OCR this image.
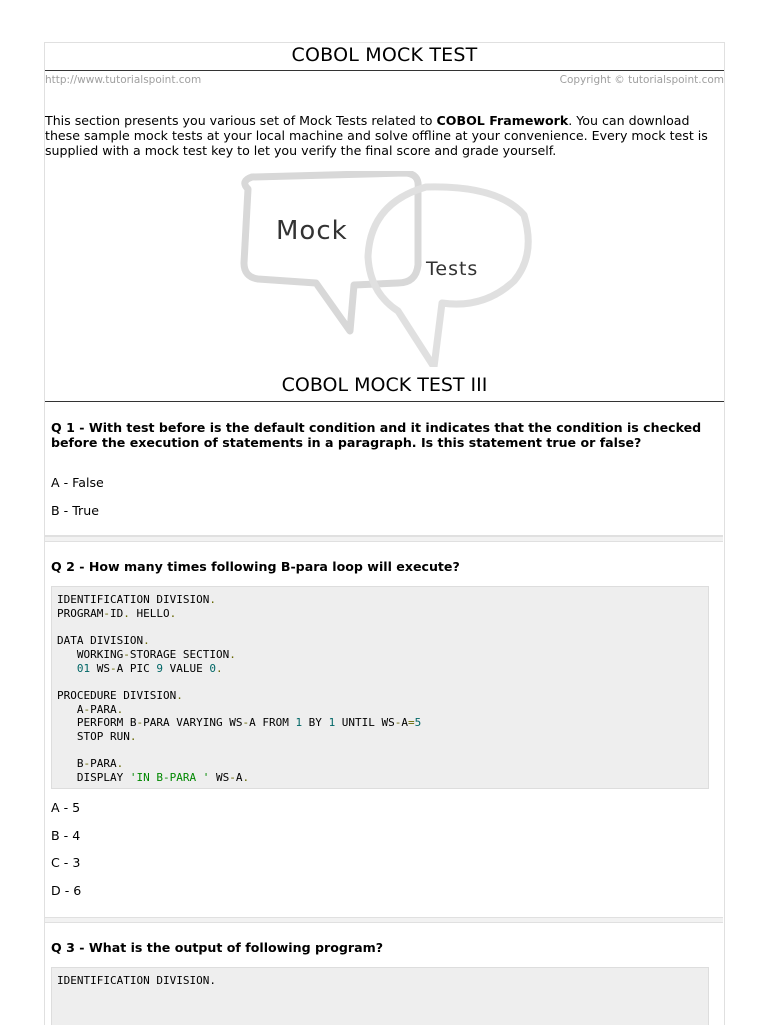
COBOL MOCK TEST
http://www.tutorialspoint.com	Copyright © tutorialspoint.com

This section presents you various set of Mock Tests related to COBOL Framework. You can download these sample mock tests at your local machine and solve offline at your convenience. Every mock test is supplied with a mock test key to let you verify the final score and grade yourself.

Mock
Tests
COBOL MOCK TEST III

Q 1 - With test before is the default condition and it indicates that the condition is checked before the execution of statements in a paragraph. Is this statement true or false?

A - False
B - True

Q 2 - How many times following B-para loop will execute?

IDENTIFICATION DIVISION.
PROGRAM-ID. HELLO.

DATA DIVISION.
WORKING-STORAGE SECTION.
01 WS-A PIC 9 VALUE 0.

PROCEDURE DIVISION.
A-PARA.
PERFORM B-PARA VARYING WS-A FROM 1 BY 1 UNTIL WS-A=5
STOP RUN.

B-PARA.
DISPLAY 'IN B-PARA ' WS-A.
A - 5
B - 4
C - 3
D - 6

Q 3 - What is the output of following program?

IDENTIFICATION DIVISION.
